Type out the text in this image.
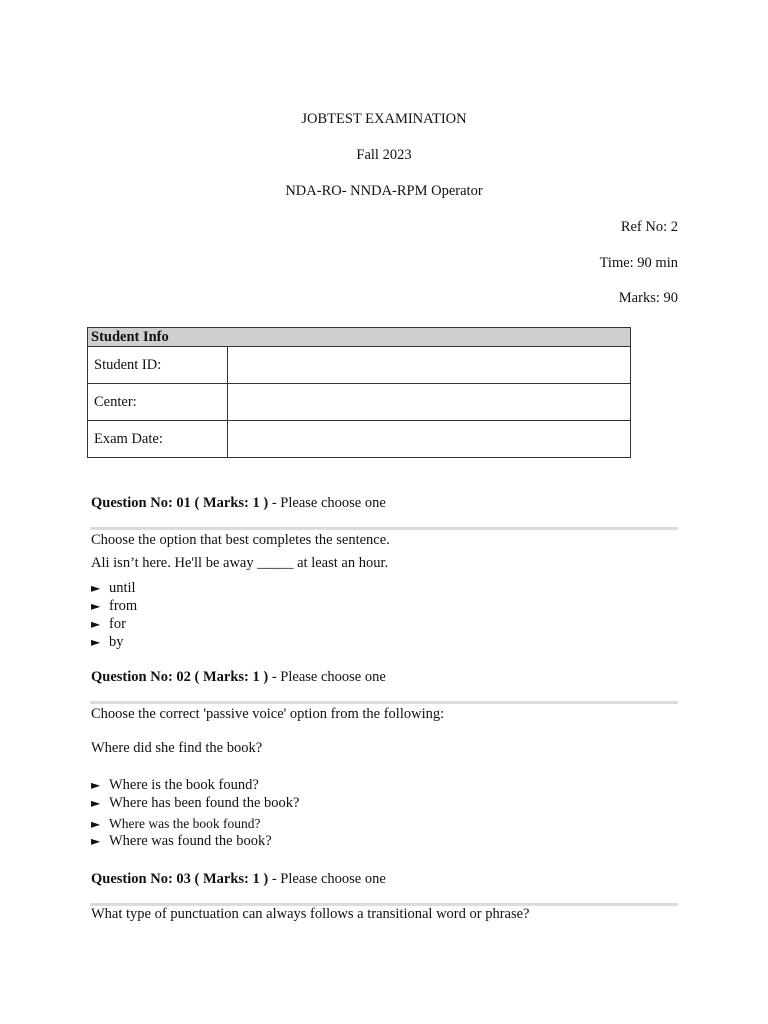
JOBTEST EXAMINATION
Fall 2023
NDA-RO- NNDA-RPM Operator
Ref No: 2
Time: 90 min
Marks: 90
Student Info	
Student ID:	
Center:	
Exam Date:	
Question No: 01 ( Marks: 1 ) - Please choose one
Choose the option that best completes the sentence.
Ali isn’t here. He'll be away _____ at least an hour.
► until
► from
► for
► by
Question No: 02 ( Marks: 1 ) - Please choose one
Choose the correct 'passive voice' option from the following:
Where did she find the book?
► Where is the book found?
► Where has been found the book?
► Where was the book found?
► Where was found the book?
Question No: 03 ( Marks: 1 ) - Please choose one
What type of punctuation can always follows a transitional word or phrase?
